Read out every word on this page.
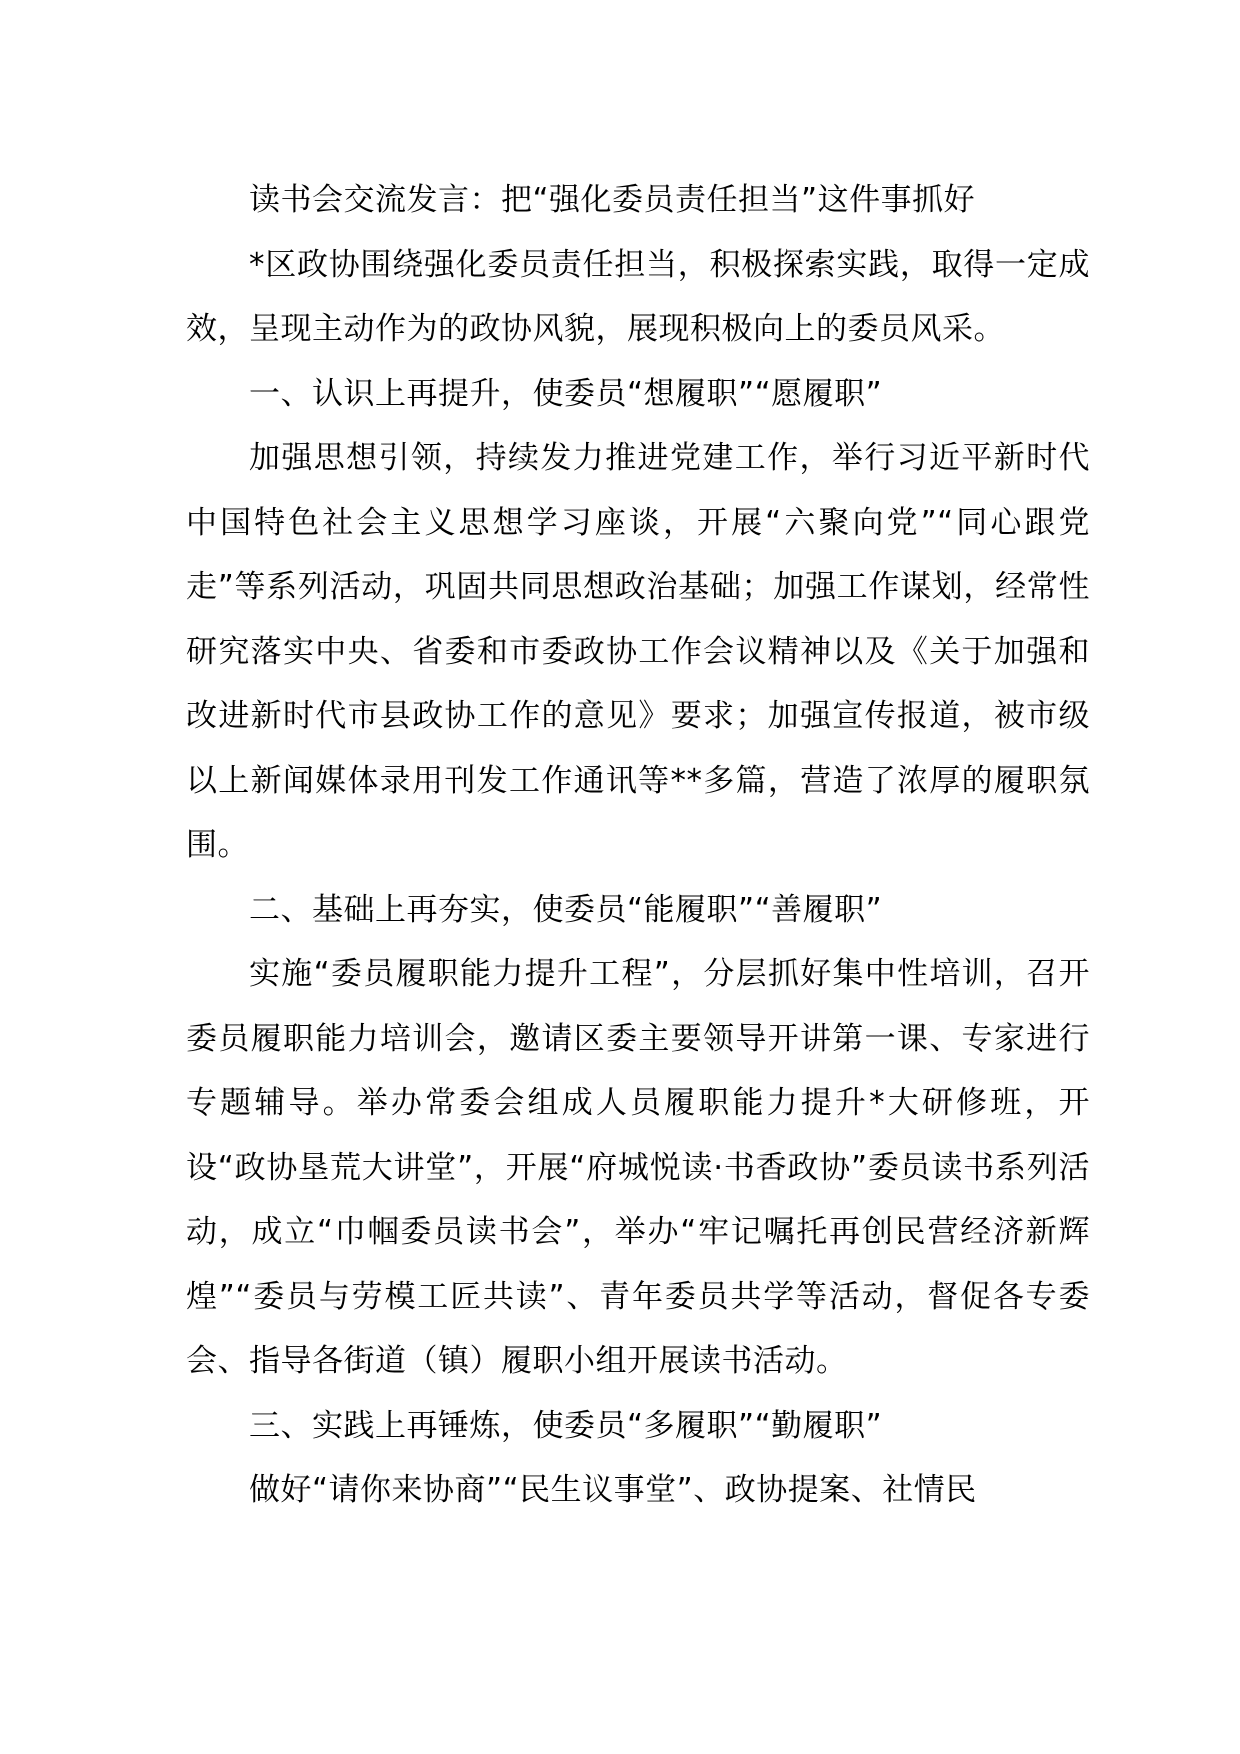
读书会交流发言：把“强化委员责任担当”这件事抓好

*区政协围绕强化委员责任担当，积极探索实践，取得一定成效，呈现主动作为的政协风貌，展现积极向上的委员风采。

一、认识上再提升，使委员“想履职”“愿履职”

加强思想引领，持续发力推进党建工作，举行习近平新时代中国特色社会主义思想学习座谈，开展“六聚向党”“同心跟党走”等系列活动，巩固共同思想政治基础；加强工作谋划，经常性研究落实中央、省委和市委政协工作会议精神以及《关于加强和改进新时代市县政协工作的意见》要求；加强宣传报道，被市级以上新闻媒体录用刊发工作通讯等**多篇，营造了浓厚的履职氛围。

二、基础上再夯实，使委员“能履职”“善履职”

实施“委员履职能力提升工程”，分层抓好集中性培训，召开委员履职能力培训会，邀请区委主要领导开讲第一课、专家进行专题辅导。举办常委会组成人员履职能力提升*大研修班，开设“政协垦荒大讲堂”，开展“府城悦读·书香政协”委员读书系列活动，成立“巾帼委员读书会”，举办“牢记嘱托再创民营经济新辉煌”“委员与劳模工匠共读”、青年委员共学等活动，督促各专委会、指导各街道（镇）履职小组开展读书活动。

三、实践上再锤炼，使委员“多履职”“勤履职”

做好“请你来协商”“民生议事堂”、政协提案、社情民
